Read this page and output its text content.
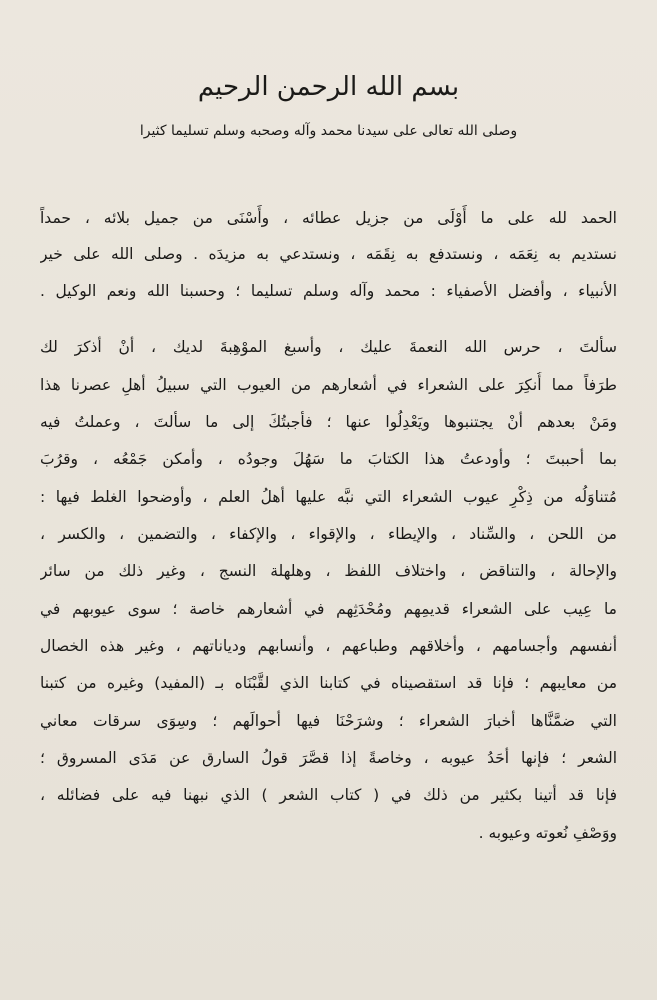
بسم الله الرحمن الرحيم
وصلى الله تعالى على سيدنا محمد وآله وصحبه وسلم تسليما كثيرا
الحمد لله على ما أَوْلَى من جزيل عطائه ، وأَسْنَى من جميل بلائه ، حمداً
نستديم به نِعَمَه ، ونستدفع به نِقَمَه ، ونستدعي به مزيدَه . وصلى الله على خير
الأنبياء ، وأفضل الأصفياء : محمد وآله وسلم تسليما ؛ وحسبنا الله ونعم الوكيل .
سألتَ ، حرس الله النعمةَ عليك ، وأسبغ الموْهِبةَ لديك ، أنْ أذكرَ لك
طرَفاً مما أُنكِرَ على الشعراء في أشعارهم من العيوب التي سبيلُ أهلِ عصرنا هذا
ومَنْ بعدهم أنْ يجتنبوها ويَعْدِلُوا عنها ؛ فأجبتُكَ إلى ما سألتَ ، وعملتُ فيه
بما أحببتَ ؛ وأودعتُ هذا الكتابَ ما سَهُلَ وجودُه ، وأمكن جَمْعُه ، وقرُبَ
مُتناوَلُه من ذِكْرِ عيوب الشعراء التي نبَّه عليها أهلُ العلم ، وأوضحوا الغلط فيها :
من اللحن ، والسِّناد ، والإيطاء ، والإقواء ، والإكفاء ، والتضمين ، والكسر ،
والإحالة ، والتناقض ، واختلاف اللفظ ، وهلهلة النسج ، وغير ذلك من سائر
ما عِيب على الشعراء قديمِهم ومُحْدَثِهم في أشعارهم خاصة ؛ سوى عيوبهم في
أنفسهم وأجسامهم ، وأخلاقهم وطباعهم ، وأنسابهم ودياناتهم ، وغير هذه الخصال
من معايبهم ؛ فإنا قد استقصيناه في كتابنا الذي لقَّبْنَاه بـ (المفيد) وغيره من كتبنا
التي ضمَّنَّاها أخبارَ الشعراء ؛ وشرَحْنَا فيها أحوالَهم ؛ وسِوَى سرقات معاني
الشعر ؛ فإنها أحَدُ عيوبه ، وخاصةً إذا قصَّرَ قولُ السارق عن مَدَى المسروق ؛
فإنا قد أتينا بكثير من ذلك في ( كتاب الشعر ) الذي نبهنا فيه على فضائله ،
ووَصْفِ نُعوته وعيوبه .
